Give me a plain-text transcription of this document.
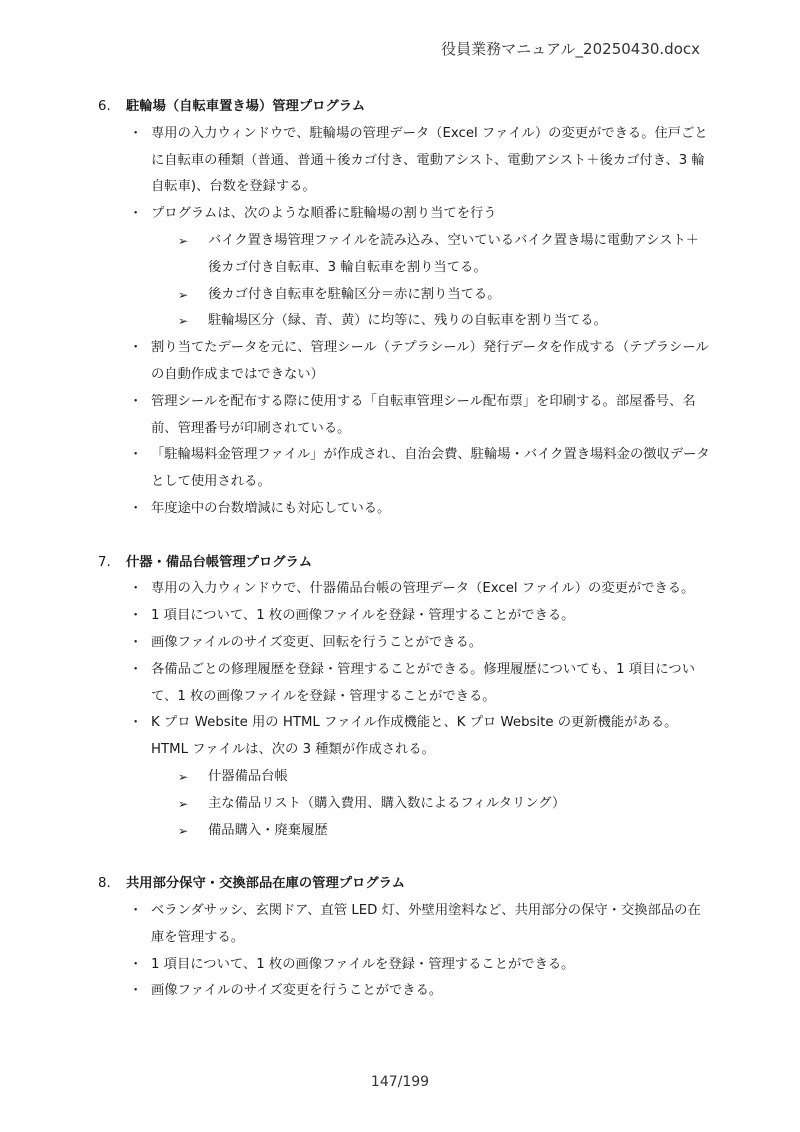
役員業務マニュアル_20250430.docx
6. 駐輪場（自転車置き場）管理プログラム
・ 専用の入力ウィンドウで、駐輪場の管理データ（Excel ファイル）の変更ができる。住戸ごとに自転車の種類（普通、普通＋後カゴ付き、電動アシスト、電動アシスト＋後カゴ付き、3 輪自転車)、台数を登録する。
・ プログラムは、次のような順番に駐輪場の割り当てを行う
➢ バイク置き場管理ファイルを読み込み、空いているバイク置き場に電動アシスト＋後カゴ付き自転車、3 輪自転車を割り当てる。
➢ 後カゴ付き自転車を駐輪区分＝赤に割り当てる。
➢ 駐輪場区分（緑、青、黄）に均等に、残りの自転車を割り当てる。
・ 割り当てたデータを元に、管理シール（テプラシール）発行データを作成する（テプラシールの自動作成まではできない）
・ 管理シールを配布する際に使用する「自転車管理シール配布票」を印刷する。部屋番号、名前、管理番号が印刷されている。
・ 「駐輪場料金管理ファイル」が作成され、自治会費、駐輪場・バイク置き場料金の徴収データとして使用される。
・ 年度途中の台数増減にも対応している。
7. 什器・備品台帳管理プログラム
・ 専用の入力ウィンドウで、什器備品台帳の管理データ（Excel ファイル）の変更ができる。
・ 1 項目について、1 枚の画像ファイルを登録・管理することができる。
・ 画像ファイルのサイズ変更、回転を行うことができる。
・ 各備品ごとの修理履歴を登録・管理することができる。修理履歴についても、1 項目について、1 枚の画像ファイルを登録・管理することができる。
・ K プロ Website 用の HTML ファイル作成機能と、K プロ Website の更新機能がある。HTML ファイルは、次の 3 種類が作成される。
➢ 什器備品台帳
➢ 主な備品リスト（購入費用、購入数によるフィルタリング）
➢ 備品購入・廃棄履歴
8. 共用部分保守・交換部品在庫の管理プログラム
・ ベランダサッシ、玄関ドア、直管 LED 灯、外壁用塗料など、共用部分の保守・交換部品の在庫を管理する。
・ 1 項目について、1 枚の画像ファイルを登録・管理することができる。
・ 画像ファイルのサイズ変更を行うことができる。
147/199
